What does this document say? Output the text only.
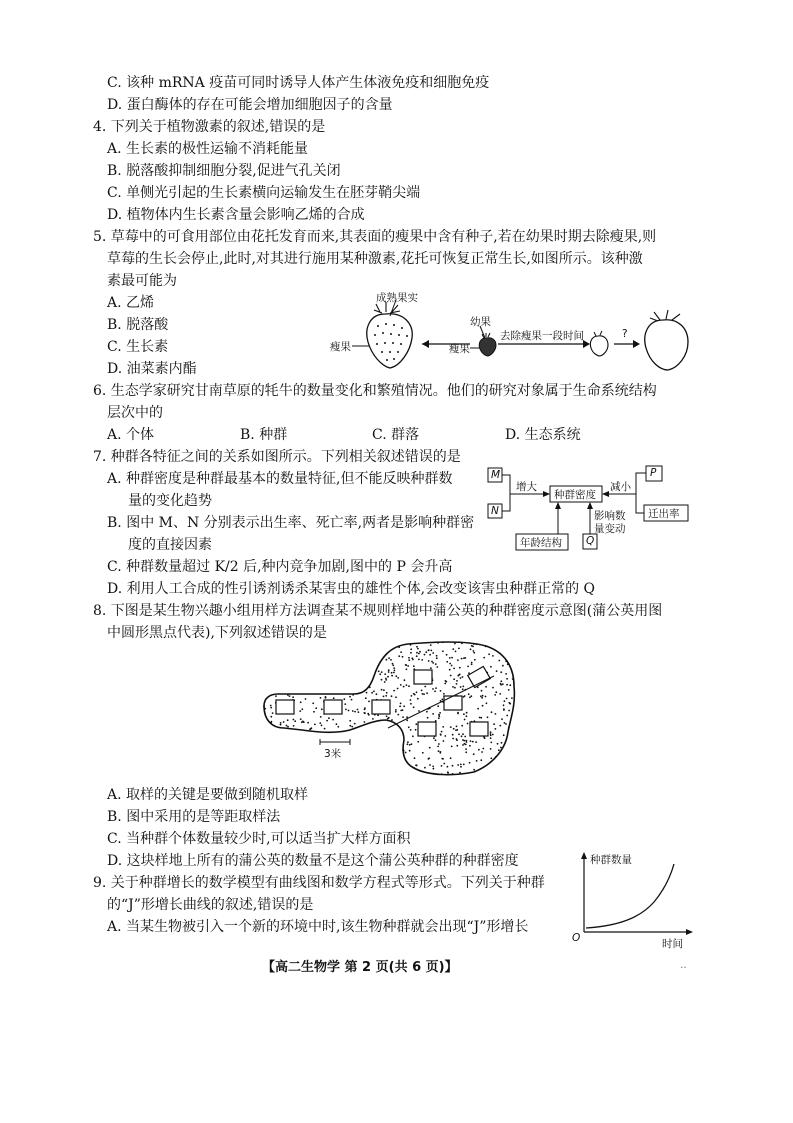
C. 该种 mRNA 疫苗可同时诱导人体产生体液免疫和细胞免疫
D. 蛋白酶体的存在可能会增加细胞因子的含量
4. 下列关于植物激素的叙述,错误的是
A. 生长素的极性运输不消耗能量
B. 脱落酸抑制细胞分裂,促进气孔关闭
C. 单侧光引起的生长素横向运输发生在胚芽鞘尖端
D. 植物体内生长素含量会影响乙烯的合成
5. 草莓中的可食用部位由花托发育而来,其表面的瘦果中含有种子,若在幼果时期去除瘦果,则
草莓的生长会停止,此时,对其进行施用某种激素,花托可恢复正常生长,如图所示。该种激
素最可能为
A. 乙烯
B. 脱落酸
C. 生长素
D. 油菜素内酯
成熟果实
瘦果
幼果
瘦果
去除瘦果一段时间	?
6. 生态学家研究甘南草原的牦牛的数量变化和繁殖情况。他们的研究对象属于生命系统结构
层次中的
A. 个体	B. 种群	C. 群落	D. 生态系统
7. 种群各特征之间的关系如图所示。下列相关叙述错误的是
A. 种群密度是种群最基本的数量特征,但不能反映种群数
量的变化趋势
B. 图中 M、N 分别表示出生率、死亡率,两者是影响种群密
度的直接因素
C. 种群数量超过 K/2 后,种内竞争加剧,图中的 P 会升高
D. 利用人工合成的性引诱剂诱杀某害虫的雄性个体,会改变该害虫种群正常的 Q
M
N
增大
种群密度
减小
P
迁出率
年龄结构 Q
影响数
量变动
8. 下图是某生物兴趣小组用样方法调查某不规则样地中蒲公英的种群密度示意图(蒲公英用图
中圆形黑点代表),下列叙述错误的是
3米
A. 取样的关键是要做到随机取样
B. 图中采用的是等距取样法
C. 当种群个体数量较少时,可以适当扩大样方面积
D. 这块样地上所有的蒲公英的数量不是这个蒲公英种群的种群密度
9. 关于种群增长的数学模型有曲线图和数学方程式等形式。下列关于种群
的“J”形增长曲线的叙述,错误的是
A. 当某生物被引入一个新的环境中时,该生物种群就会出现“J”形增长
种群数量
时间
O
【高二生物学 第 2 页(共 6 页)】	··
